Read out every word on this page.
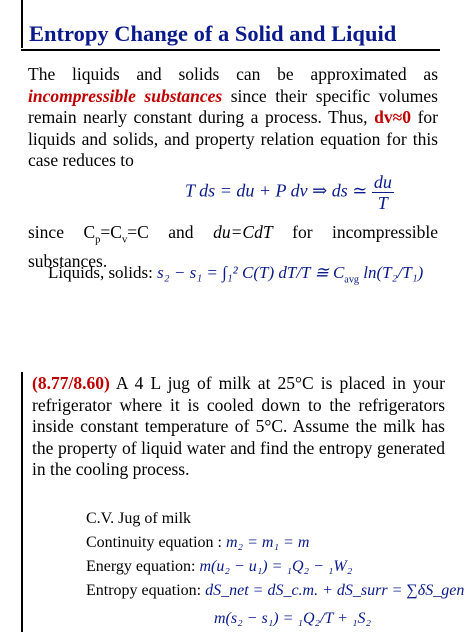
Entropy Change of a Solid and Liquid

The liquids and solids can be approximated as incompressible substances since their specific volumes remain nearly constant during a process. Thus, dv≈0 for liquids and solids, and property relation equation for this case reduces to

T ds = du + P dv ⇒ ds ≃ $\frac{du}{T}$

since $C_p=C_v=C$ and du=CdT for incompressible substances.

Liquids, solids: s₂ − s₁ = ∫₁² C(T) dT/T ≅ $C_{avg}$ ln(T₂/T₁)

(8.77/8.60) A 4 L jug of milk at 25°C is placed in your refrigerator where it is cooled down to the refrigerators inside constant temperature of 5°C. Assume the milk has the property of liquid water and find the entropy generated in the cooling process.

C.V. Jug of milk
Continuity equation : m₂ = m₁ = m
Energy equation: m(u₂ − u₁) = ₁Q₂ − ₁W₂
Entropy equation: dS_net = dS_c.m. + dS_surr = ∑δS_gen
m(s₂ − s₁) = ₁Q₂/T + ₁S₂
